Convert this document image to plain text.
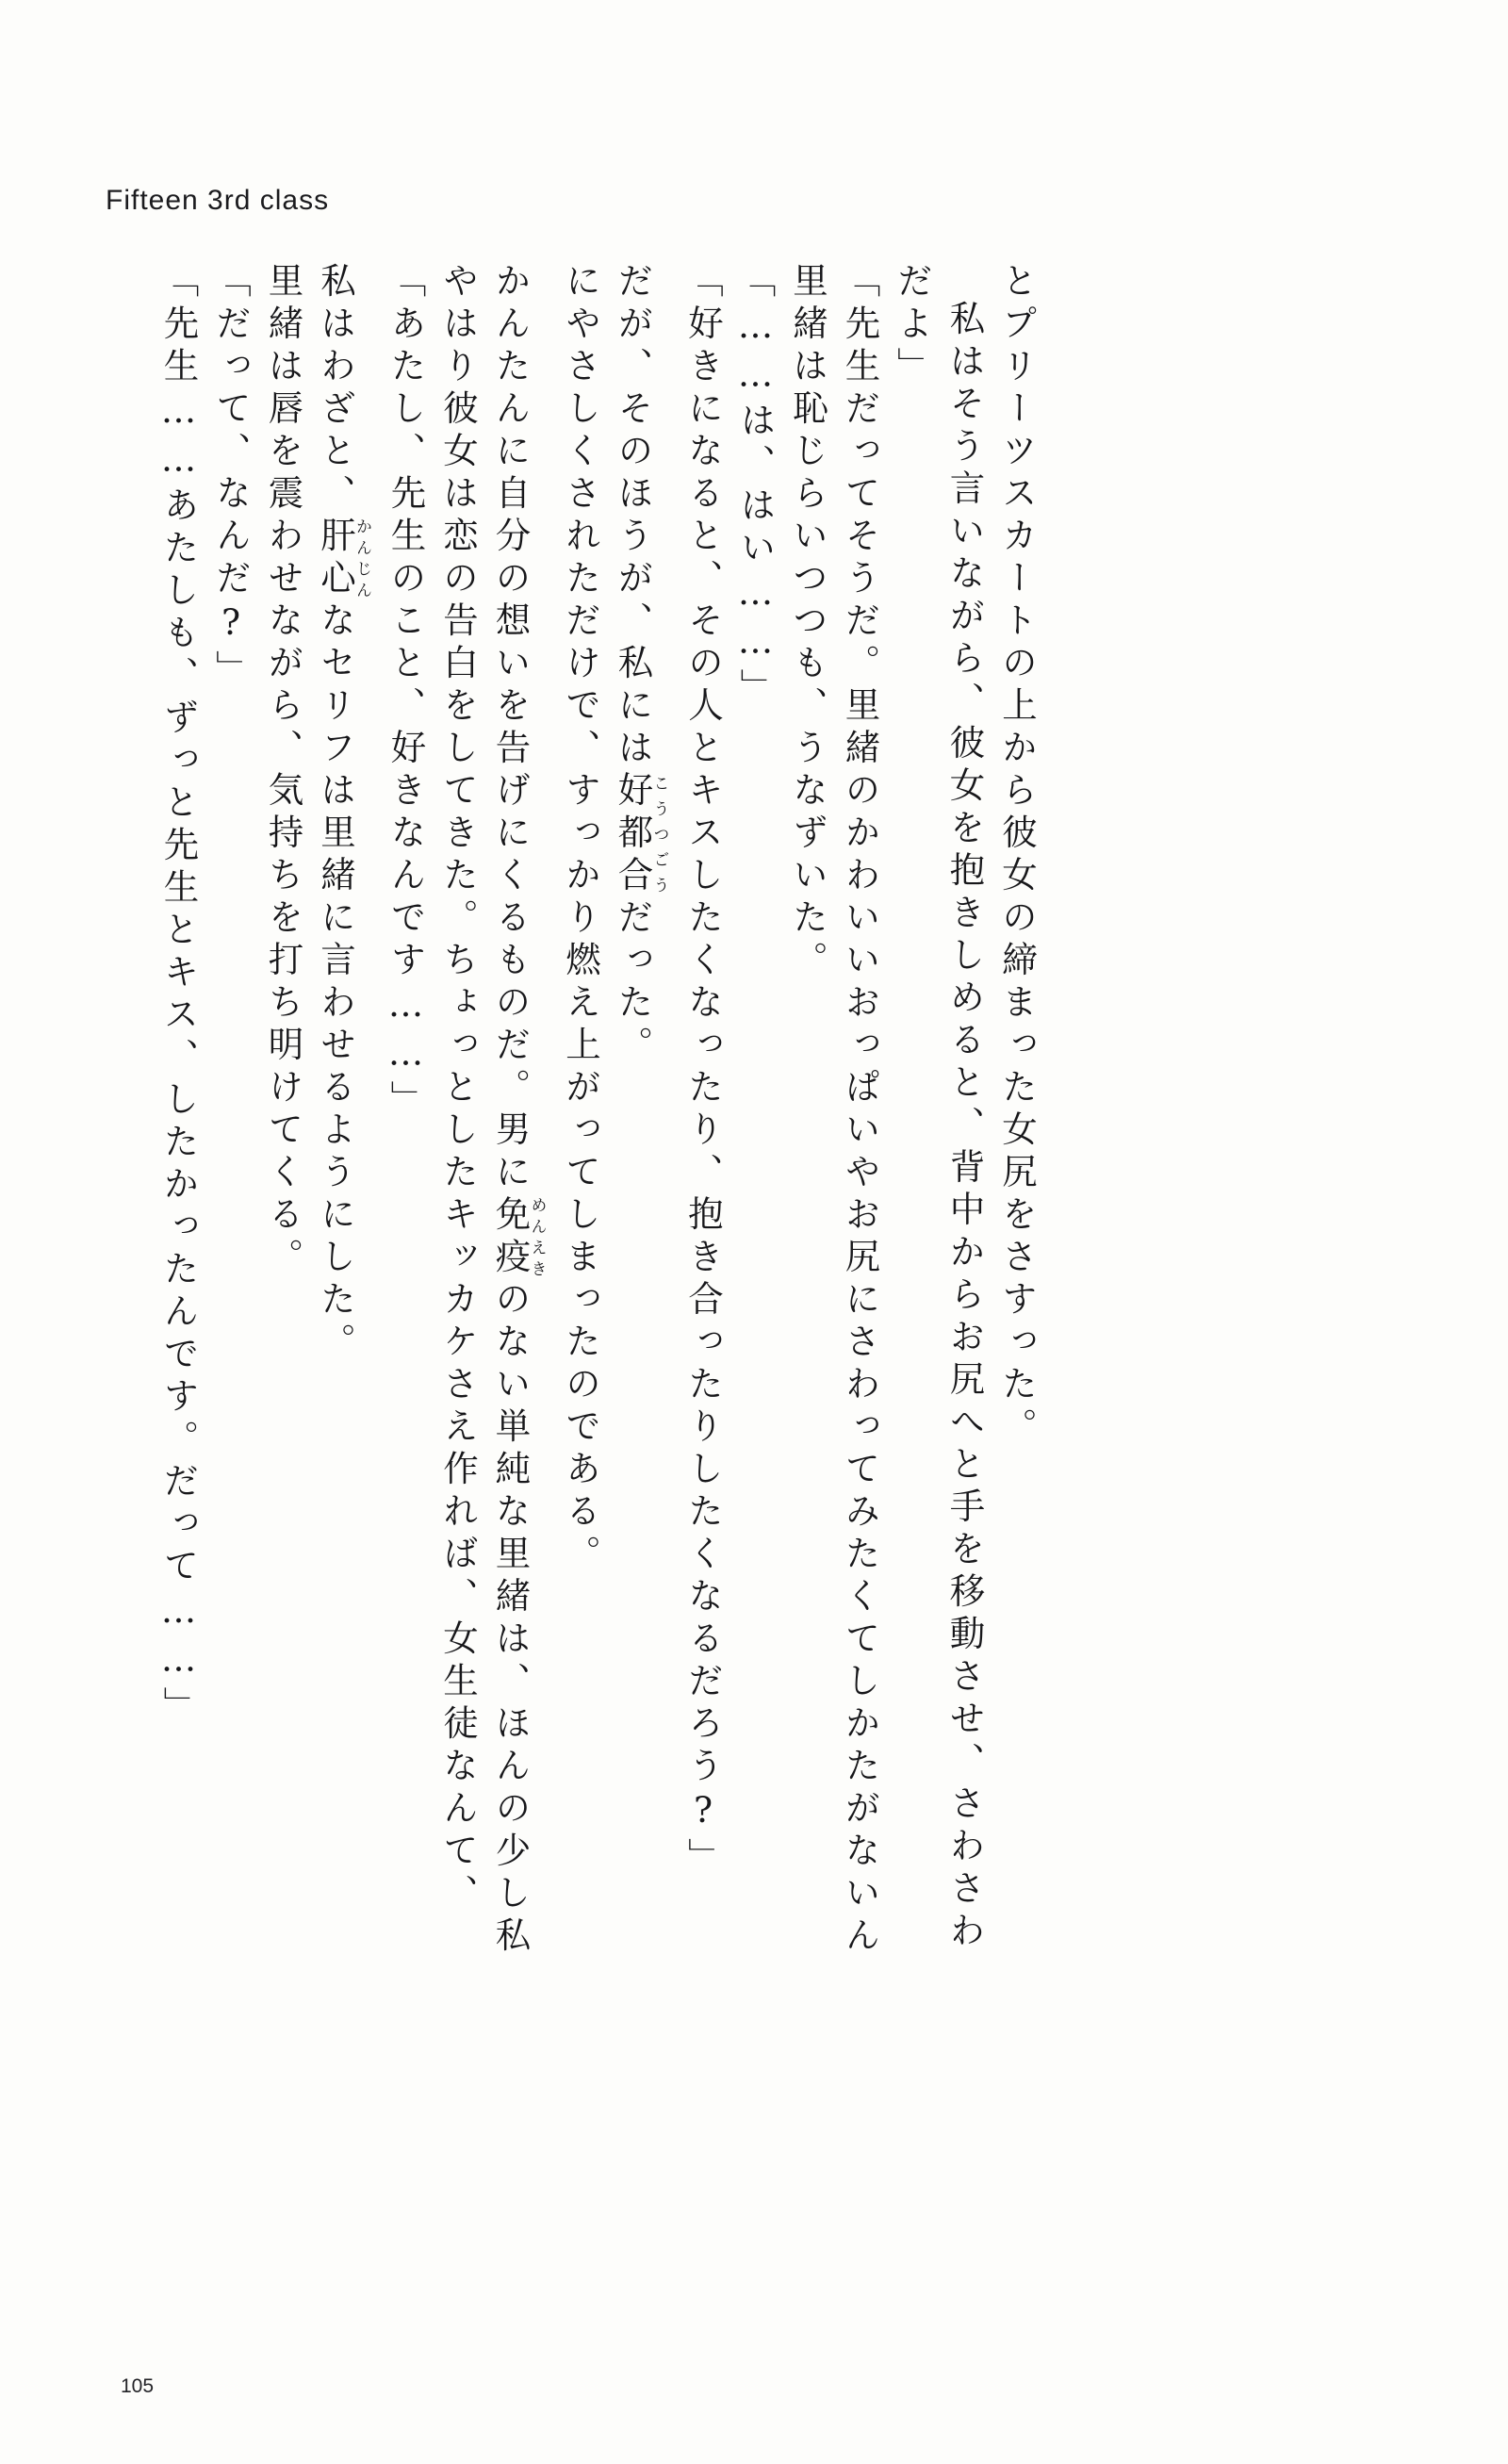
Fifteen 3rd class
「先生……あたしも、ずっと先生とキス、したかったんです。だって……」 「だって、なんだ?」 里緒は唇を震わせながら、気持ちを打ち明けてくる。 私はわざと、肝心かんじんなセリフは里緒に言わせるようにした。 「あたし、先生のこと、好きなんです……」 やはり彼女は恋の告白をしてきた。ちょっとしたキッカケさえ作れば、女生徒なんて、 かんたんに自分の想いを告げにくるものだ。男に免疫めんえきのない単純な里緒は、ほんの少し私
にやさしくされただけで、すっかり燃え上がってしまったのである。 だが、そのほうが、私には好都合こうつごうだった。 「好きになると、その人とキスしたくなったり、抱き合ったりしたくなるだろう?」 「……は、はい……」 里緒は恥じらいつつも、うなずいた。 「先生だってそうだ。里緒のかわいいおっぱいやお尻にさわってみたくてしかたがないん だよ」 私はそう言いながら、彼女を抱きしめると、背中からお尻へと手を移動させ、さわさわ とプリーツスカートの上から彼女の締まった女尻をさすった。
105
